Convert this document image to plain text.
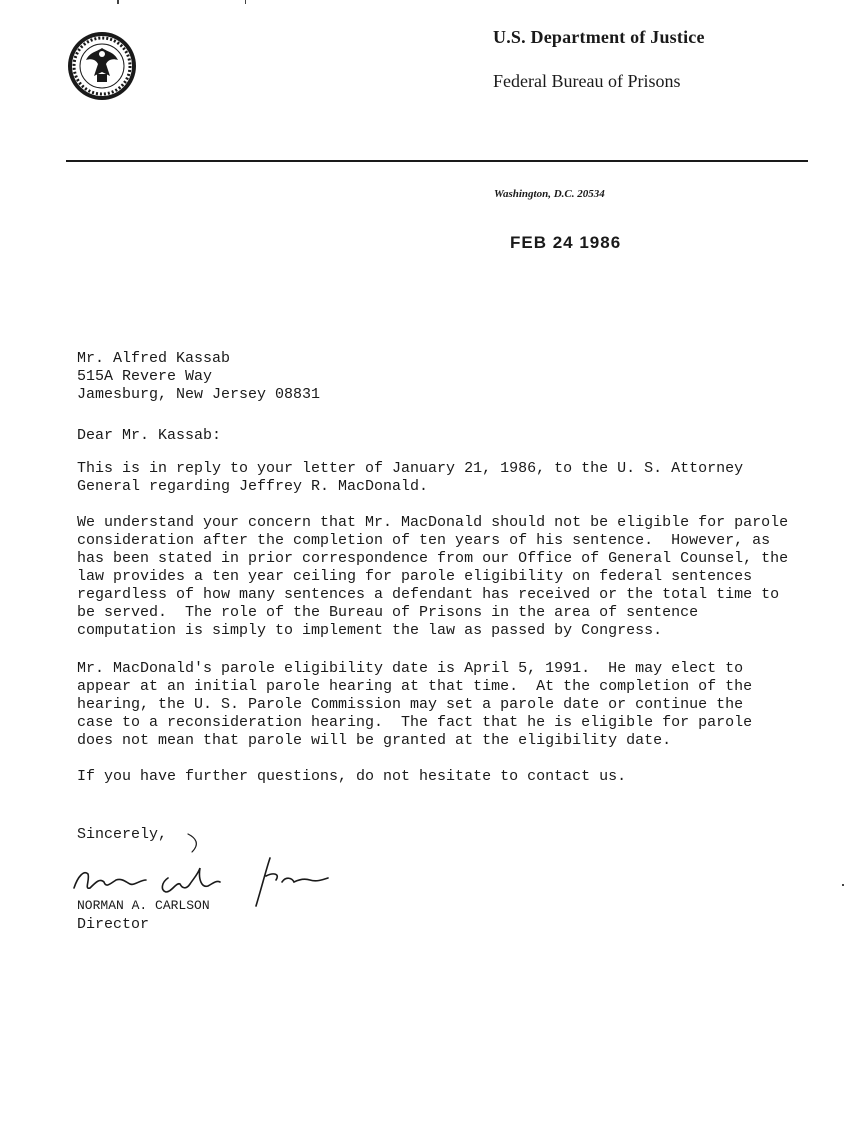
U.S. Department of Justice
Federal Bureau of Prisons
Washington, D.C. 20534
FEB 24 1986
Mr. Alfred Kassab
515A Revere Way
Jamesburg, New Jersey 08831
Dear Mr. Kassab:
This is in reply to your letter of January 21, 1986, to the U. S. Attorney
General regarding Jeffrey R. MacDonald.
We understand your concern that Mr. MacDonald should not be eligible for parole
consideration after the completion of ten years of his sentence.  However, as
has been stated in prior correspondence from our Office of General Counsel, the
law provides a ten year ceiling for parole eligibility on federal sentences
regardless of how many sentences a defendant has received or the total time to
be served.  The role of the Bureau of Prisons in the area of sentence
computation is simply to implement the law as passed by Congress.
Mr. MacDonald's parole eligibility date is April 5, 1991.  He may elect to
appear at an initial parole hearing at that time.  At the completion of the
hearing, the U. S. Parole Commission may set a parole date or continue the
case to a reconsideration hearing.  The fact that he is eligible for parole
does not mean that parole will be granted at the eligibility date.
If you have further questions, do not hesitate to contact us.
Sincerely,
NORMAN A. CARLSON
Director
